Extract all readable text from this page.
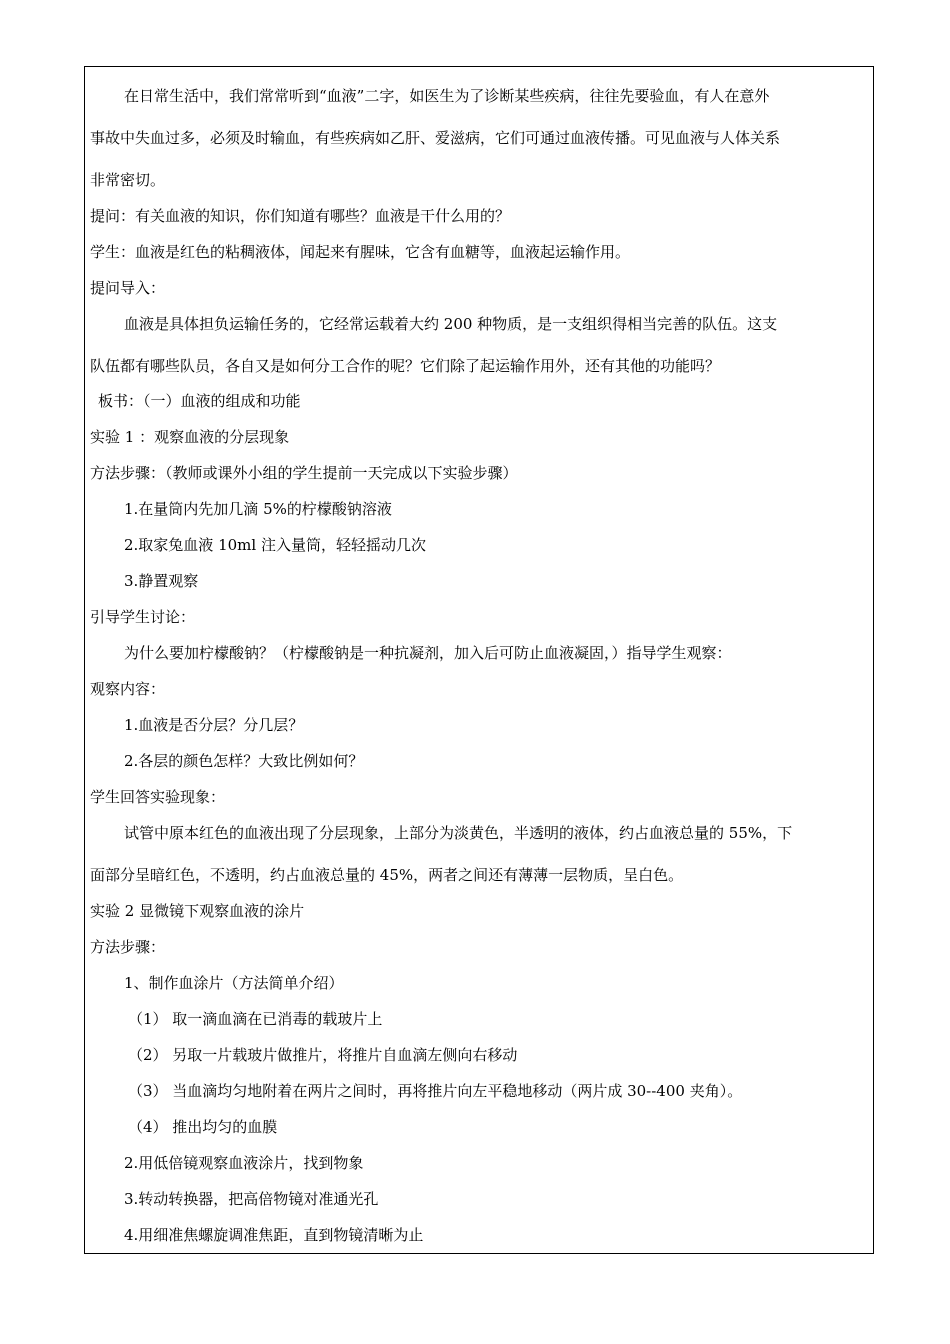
在日常生活中，我们常常听到“血液”二字，如医生为了诊断某些疾病，往往先要验血，有人在意外

事故中失血过多，必须及时输血，有些疾病如乙肝、爱滋病，它们可通过血液传播。可见血液与人体关系

非常密切。

提问：有关血液的知识，你们知道有哪些？血液是干什么用的？

学生：血液是红色的粘稠液体，闻起来有腥味，它含有血糖等，血液起运输作用。

提问导入：

血液是具体担负运输任务的，它经常运载着大约 200 种物质，是一支组织得相当完善的队伍。这支

队伍都有哪些队员，各自又是如何分工合作的呢？它们除了起运输作用外，还有其他的功能吗？

板书：（一）血液的组成和功能

实验 1 ：观察血液的分层现象

方法步骤：（教师或课外小组的学生提前一天完成以下实验步骤）

1.在量筒内先加几滴 5%的柠檬酸钠溶液

2.取家兔血液 10ml 注入量筒，轻轻摇动几次

3.静置观察

引导学生讨论：

为什么要加柠檬酸钠？（柠檬酸钠是一种抗凝剂，加入后可防止血液凝固，）指导学生观察：

观察内容：

1.血液是否分层？分几层？

2.各层的颜色怎样？大致比例如何？

学生回答实验现象：

试管中原本红色的血液出现了分层现象，上部分为淡黄色，半透明的液体，约占血液总量的 55%，下

面部分呈暗红色，不透明，约占血液总量的 45%，两者之间还有薄薄一层物质，呈白色。

实验 2 显微镜下观察血液的涂片

方法步骤：

1、制作血涂片（方法简单介绍）

（1） 取一滴血滴在已消毒的载玻片上

（2） 另取一片载玻片做推片，将推片自血滴左侧向右移动

（3） 当血滴均匀地附着在两片之间时，再将推片向左平稳地移动（两片成 30--400 夹角）。

（4） 推出均匀的血膜

2.用低倍镜观察血液涂片，找到物象

3.转动转换器，把高倍物镜对准通光孔

4.用细准焦螺旋调准焦距，直到物镜清晰为止
